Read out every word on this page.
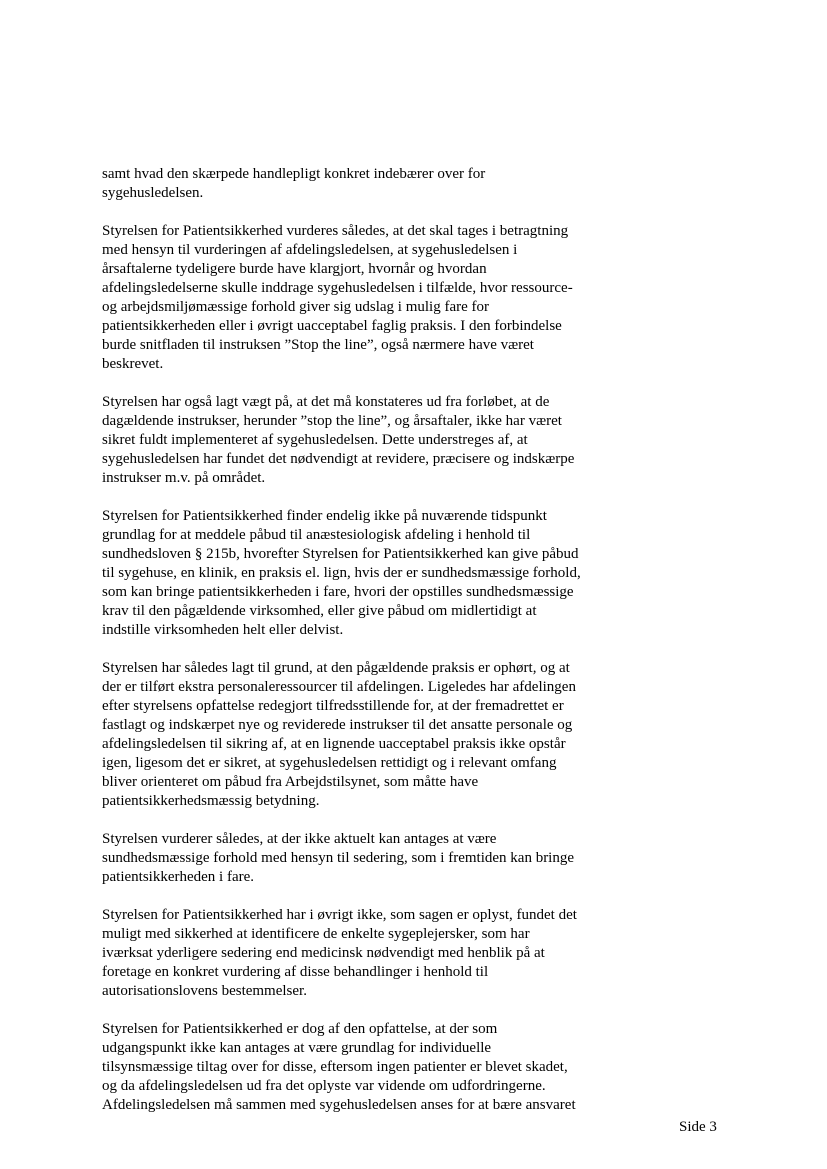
samt hvad den skærpede handlepligt konkret indebærer over for
sygehusledelsen.
Styrelsen for Patientsikkerhed vurderes således, at det skal tages i betragtning
med hensyn til vurderingen af afdelingsledelsen, at sygehusledelsen i
årsaftalerne tydeligere burde have klargjort, hvornår og hvordan
afdelingsledelserne skulle inddrage sygehusledelsen i tilfælde, hvor ressource-
og arbejdsmiljømæssige forhold giver sig udslag i mulig fare for
patientsikkerheden eller i øvrigt uacceptabel faglig praksis. I den forbindelse
burde snitfladen til instruksen ”Stop the line”, også nærmere have været
beskrevet.
Styrelsen har også lagt vægt på, at det må konstateres ud fra forløbet, at de
dagældende instrukser, herunder ”stop the line”, og årsaftaler, ikke har været
sikret fuldt implementeret af sygehusledelsen. Dette understreges af, at
sygehusledelsen har fundet det nødvendigt at revidere, præcisere og indskærpe
instrukser m.v. på området.
Styrelsen for Patientsikkerhed finder endelig ikke på nuværende tidspunkt
grundlag for at meddele påbud til anæstesiologisk afdeling i henhold til
sundhedsloven § 215b, hvorefter Styrelsen for Patientsikkerhed kan give påbud
til sygehuse, en klinik, en praksis el. lign, hvis der er sundhedsmæssige forhold,
som kan bringe patientsikkerheden i fare, hvori der opstilles sundhedsmæssige
krav til den pågældende virksomhed, eller give påbud om midlertidigt at
indstille virksomheden helt eller delvist.
Styrelsen har således lagt til grund, at den pågældende praksis er ophørt, og at
der er tilført ekstra personaleressourcer til afdelingen. Ligeledes har afdelingen
efter styrelsens opfattelse redegjort tilfredsstillende for, at der fremadrettet er
fastlagt og indskærpet nye og reviderede instrukser til det ansatte personale og
afdelingsledelsen til sikring af, at en lignende uacceptabel praksis ikke opstår
igen, ligesom det er sikret, at sygehusledelsen rettidigt og i relevant omfang
bliver orienteret om påbud fra Arbejdstilsynet, som måtte have
patientsikkerhedsmæssig betydning.
Styrelsen vurderer således, at der ikke aktuelt kan antages at være
sundhedsmæssige forhold med hensyn til sedering, som i fremtiden kan bringe
patientsikkerheden i fare.
Styrelsen for Patientsikkerhed har i øvrigt ikke, som sagen er oplyst, fundet det
muligt med sikkerhed at identificere de enkelte sygeplejersker, som har
iværksat yderligere sedering end medicinsk nødvendigt med henblik på at
foretage en konkret vurdering af disse behandlinger i henhold til
autorisationslovens bestemmelser.
Styrelsen for Patientsikkerhed er dog af den opfattelse, at der som
udgangspunkt ikke kan antages at være grundlag for individuelle
tilsynsmæssige tiltag over for disse, eftersom ingen patienter er blevet skadet,
og da afdelingsledelsen ud fra det oplyste var vidende om udfordringerne.
Afdelingsledelsen må sammen med sygehusledelsen anses for at bære ansvaret
Side 3
